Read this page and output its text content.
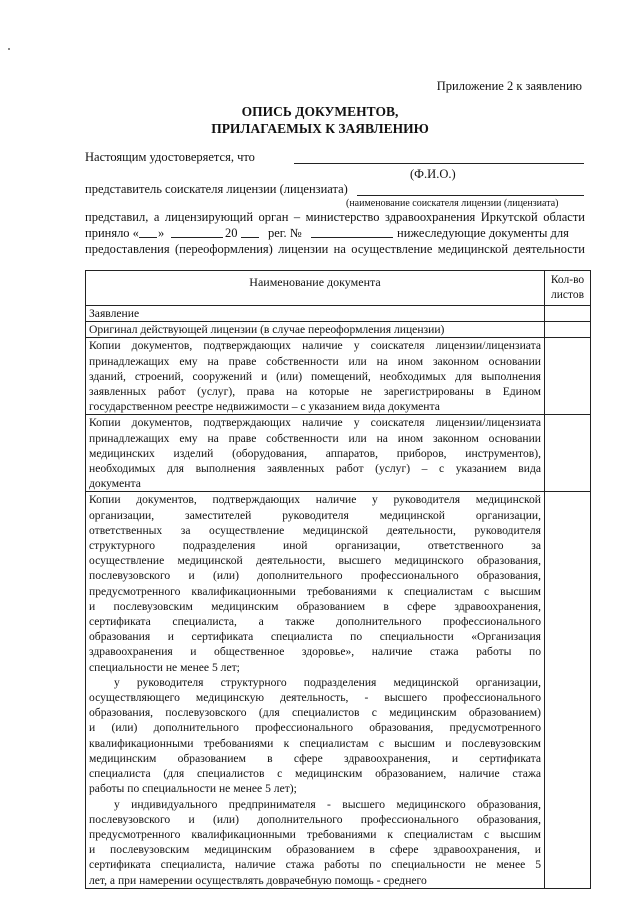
Приложение 2 к заявлению
ОПИСЬ ДОКУМЕНТОВ,
ПРИЛАГАЕМЫХ К ЗАЯВЛЕНИЮ
Настоящим удостоверяется, что
(Ф.И.О.)
представитель соискателя лицензии (лицензиата)
(наименование соискателя лицензии (лицензиата)
представил, а лицензирующий орган – министерство здравоохранения Иркутской области
приняло « »	20 рег. №	нижеследующие документы для
предоставления (переоформления) лицензии на осуществление медицинской деятельности
Наименование документа	Кол-во
листов
Заявление
Оригинал действующей лицензии (в случае переоформления лицензии)
Копии документов, подтверждающих наличие у соискателя лицензии/лицензиата
принадлежащих ему на праве собственности или на ином законном основании
зданий, строений, сооружений и (или) помещений, необходимых для выполнения
заявленных работ (услуг), права на которые не зарегистрированы в Едином
государственном реестре недвижимости – с указанием вида документа
Копии документов, подтверждающих наличие у соискателя лицензии/лицензиата
принадлежащих ему на праве собственности или на ином законном основании
медицинских изделий (оборудования, аппаратов, приборов, инструментов),
необходимых для выполнения заявленных работ (услуг) – с указанием вида
документа
Копии документов, подтверждающих наличие у руководителя медицинской
организации, заместителей руководителя медицинской организации,
ответственных за осуществление медицинской деятельности, руководителя
структурного подразделения иной организации, ответственного за
осуществление медицинской деятельности, высшего медицинского образования,
послевузовского и (или) дополнительного профессионального образования,
предусмотренного квалификационными требованиями к специалистам с высшим
и послевузовским медицинским образованием в сфере здравоохранения,
сертификата специалиста, а также дополнительного профессионального
образования и сертификата специалиста по специальности «Организация
здравоохранения и общественное здоровье», наличие стажа работы по
специальности не менее 5 лет;
у руководителя структурного подразделения медицинской организации,
осуществляющего медицинскую деятельность, - высшего профессионального
образования, послевузовского (для специалистов с медицинским образованием)
и (или) дополнительного профессионального образования, предусмотренного
квалификационными требованиями к специалистам с высшим и послевузовским
медицинским образованием в сфере здравоохранения, и сертификата
специалиста (для специалистов с медицинским образованием, наличие стажа
работы по специальности не менее 5 лет);
у индивидуального предпринимателя - высшего медицинского образования,
послевузовского и (или) дополнительного профессионального образования,
предусмотренного квалификационными требованиями к специалистам с высшим
и послевузовским медицинским образованием в сфере здравоохранения, и
сертификата специалиста, наличие стажа работы по специальности не менее 5
лет, а при намерении осуществлять доврачебную помощь - среднего
